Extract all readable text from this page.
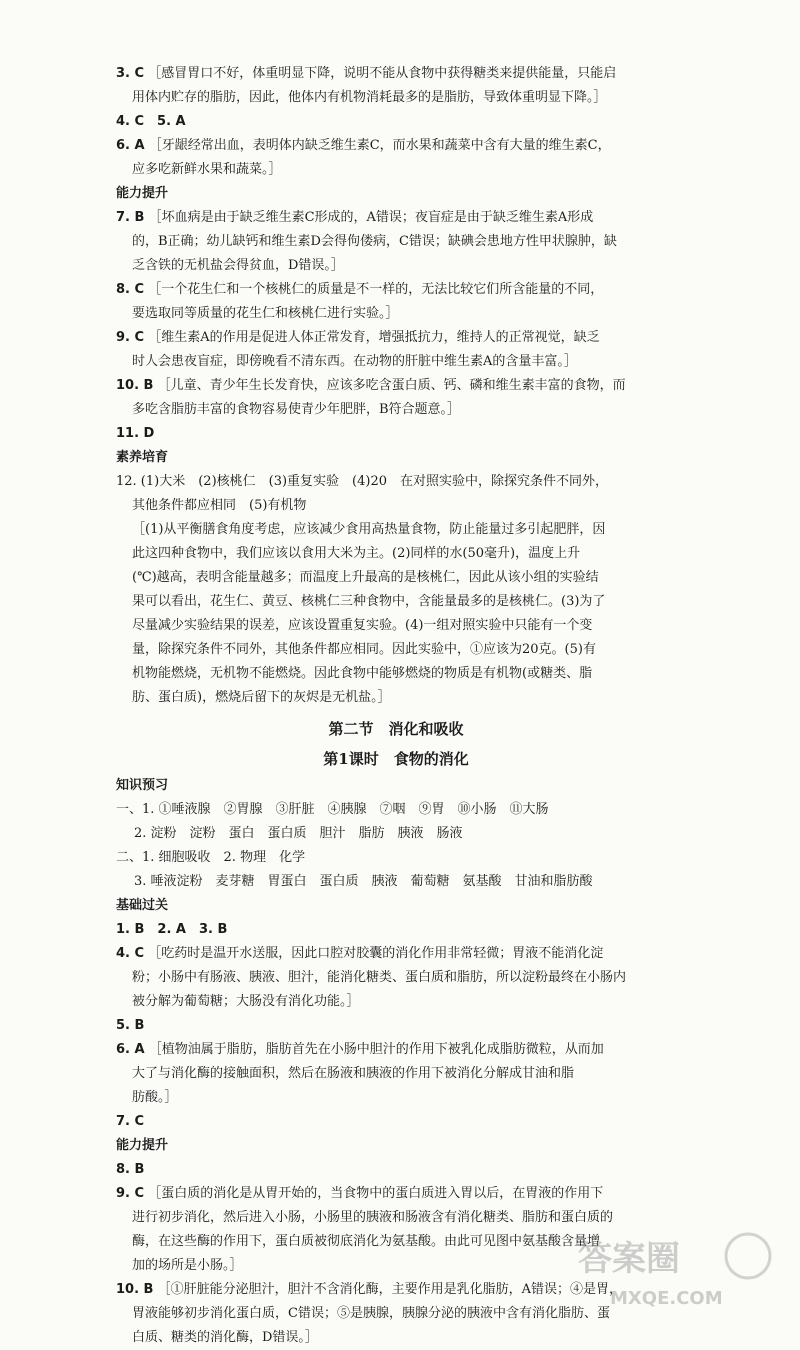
3. C ［感冒胃口不好，体重明显下降，说明不能从食物中获得糖类来提供能量，只能启
用体内贮存的脂肪，因此，他体内有机物消耗最多的是脂肪，导致体重明显下降。］
4. C　5. A
6. A ［牙龈经常出血，表明体内缺乏维生素C，而水果和蔬菜中含有大量的维生素C，
应多吃新鲜水果和蔬菜。］
能力提升
7. B ［坏血病是由于缺乏维生素C形成的，A错误；夜盲症是由于缺乏维生素A形成
的，B正确；幼儿缺钙和维生素D会得佝偻病，C错误；缺碘会患地方性甲状腺肿，缺
乏含铁的无机盐会得贫血，D错误。］
8. C ［一个花生仁和一个核桃仁的质量是不一样的，无法比较它们所含能量的不同，
要选取同等质量的花生仁和核桃仁进行实验。］
9. C ［维生素A的作用是促进人体正常发育，增强抵抗力，维持人的正常视觉，缺乏
时人会患夜盲症，即傍晚看不清东西。在动物的肝脏中维生素A的含量丰富。］
10. B ［儿童、青少年生长发育快，应该多吃含蛋白质、钙、磷和维生素丰富的食物，而
多吃含脂肪丰富的食物容易使青少年肥胖，B符合题意。］
11. D
素养培育
12. (1)大米　(2)核桃仁　(3)重复实验　(4)20　在对照实验中，除探究条件不同外，
其他条件都应相同　(5)有机物
［(1)从平衡膳食角度考虑，应该减少食用高热量食物，防止能量过多引起肥胖，因
此这四种食物中，我们应该以食用大米为主。(2)同样的水(50毫升)，温度上升
(℃)越高，表明含能量越多；而温度上升最高的是核桃仁，因此从该小组的实验结
果可以看出，花生仁、黄豆、核桃仁三种食物中，含能量最多的是核桃仁。(3)为了
尽量减少实验结果的误差，应该设置重复实验。(4)一组对照实验中只能有一个变
量，除探究条件不同外，其他条件都应相同。因此实验中，①应该为20克。(5)有
机物能燃烧，无机物不能燃烧。因此食物中能够燃烧的物质是有机物(或糖类、脂
肪、蛋白质)，燃烧后留下的灰烬是无机盐。］
第二节　消化和吸收
第1课时　食物的消化
知识预习
一、1. ①唾液腺　②胃腺　③肝脏　④胰腺　⑦咽　⑨胃　⑩小肠　⑪大肠
2. 淀粉　淀粉　蛋白　蛋白质　胆汁　脂肪　胰液　肠液
二、1. 细胞吸收　2. 物理　化学
3. 唾液淀粉　麦芽糖　胃蛋白　蛋白质　胰液　葡萄糖　氨基酸　甘油和脂肪酸
基础过关
1. B　2. A　3. B
4. C ［吃药时是温开水送服，因此口腔对胶囊的消化作用非常轻微；胃液不能消化淀
粉；小肠中有肠液、胰液、胆汁，能消化糖类、蛋白质和脂肪，所以淀粉最终在小肠内
被分解为葡萄糖；大肠没有消化功能。］
5. B
6. A ［植物油属于脂肪，脂肪首先在小肠中胆汁的作用下被乳化成脂肪微粒，从而加
大了与消化酶的接触面积，然后在肠液和胰液的作用下被消化分解成甘油和脂
肪酸。］
7. C
能力提升
8. B
9. C ［蛋白质的消化是从胃开始的，当食物中的蛋白质进入胃以后，在胃液的作用下
进行初步消化，然后进入小肠，小肠里的胰液和肠液含有消化糖类、脂肪和蛋白质的
酶，在这些酶的作用下，蛋白质被彻底消化为氨基酸。由此可见图中氨基酸含量增
加的场所是小肠。］
10. B ［①肝脏能分泌胆汁，胆汁不含消化酶，主要作用是乳化脂肪，A错误；④是胃，
胃液能够初步消化蛋白质，C错误；⑤是胰腺，胰腺分泌的胰液中含有消化脂肪、蛋
白质、糖类的消化酶，D错误。］
答案圈
MXQE.COM
